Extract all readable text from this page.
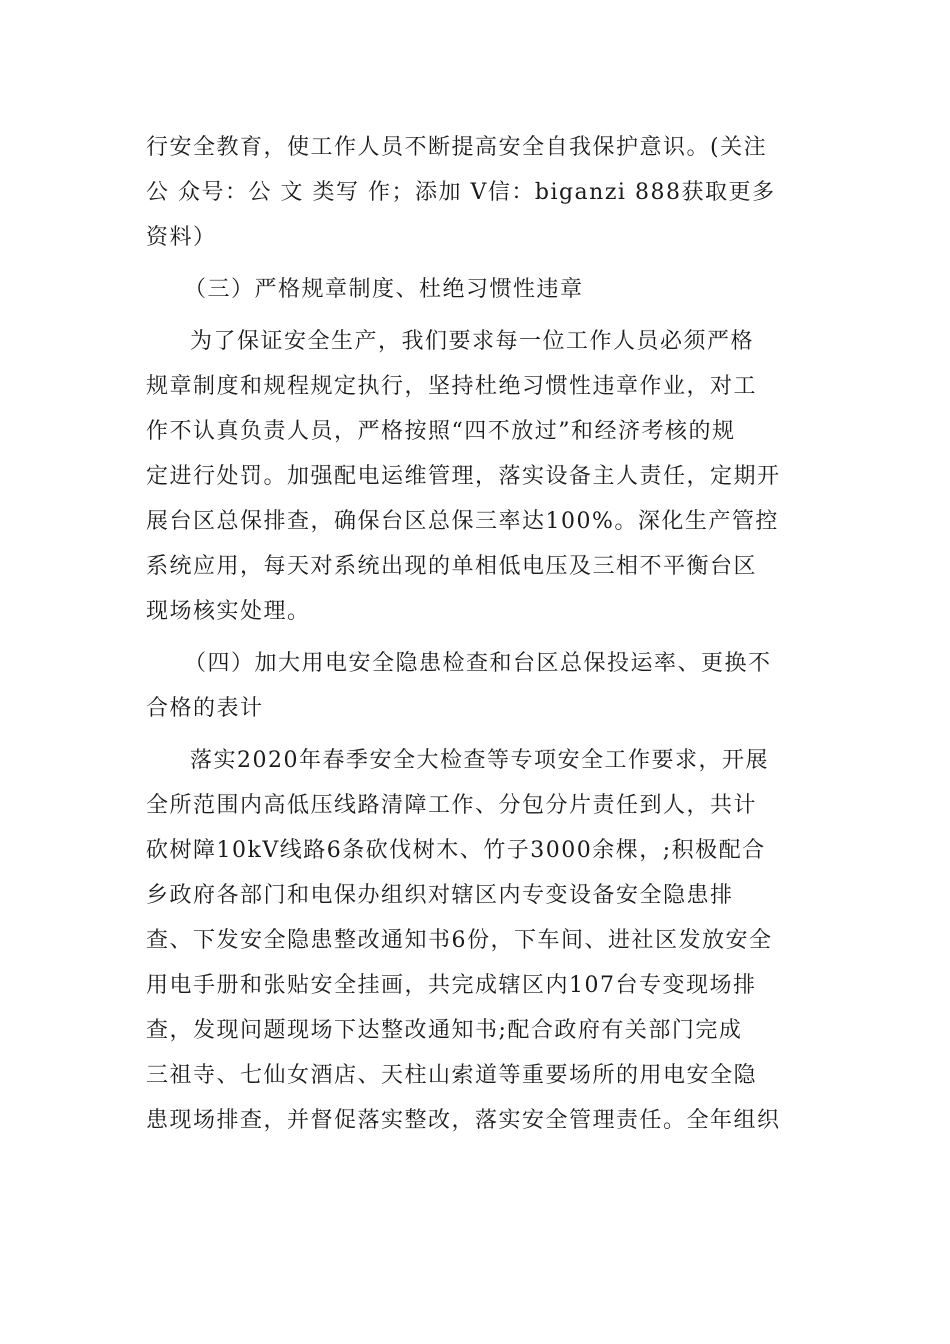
行安全教育，使工作人员不断提高安全自我保护意识。(关注
公 众号：公 文 类写 作；添加 V信：biganzi 888获取更多
资料）
（三）严格规章制度、杜绝习惯性违章
为了保证安全生产，我们要求每一位工作人员必须严格
规章制度和规程规定执行，坚持杜绝习惯性违章作业，对工
作不认真负责人员，严格按照“四不放过”和经济考核的规
定进行处罚。加强配电运维管理，落实设备主人责任，定期开
展台区总保排查，确保台区总保三率达100%。深化生产管控
系统应用，每天对系统出现的单相低电压及三相不平衡台区
现场核实处理。
（四）加大用电安全隐患检查和台区总保投运率、更换不
合格的表计
落实2020年春季安全大检查等专项安全工作要求，开展
全所范围内高低压线路清障工作、分包分片责任到人，共计
砍树障10kV线路6条砍伐树木、竹子3000余棵，;积极配合
乡政府各部门和电保办组织对辖区内专变设备安全隐患排
查、下发安全隐患整改通知书6份，下车间、进社区发放安全
用电手册和张贴安全挂画，共完成辖区内107台专变现场排
查，发现问题现场下达整改通知书;配合政府有关部门完成
三祖寺、七仙女酒店、天柱山索道等重要场所的用电安全隐
患现场排查，并督促落实整改，落实安全管理责任。全年组织
